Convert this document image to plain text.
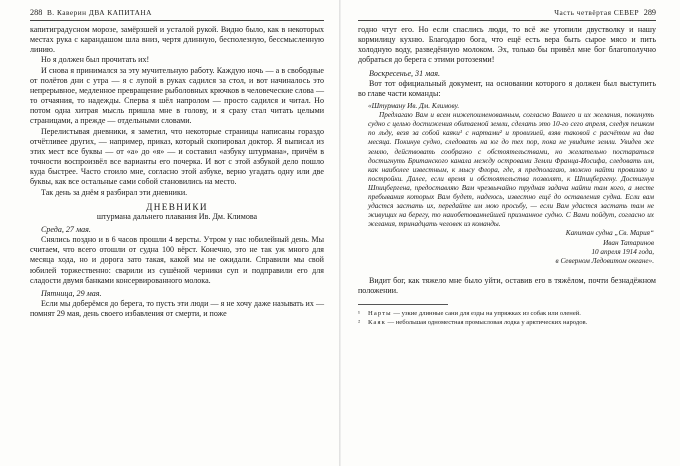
288 В. Каверин ДВА КАПИТАНА

капитиградусном морозе, замёрзшей и усталой рукой. Видно было, как в некоторых местах рука с карандашом шла вниз, чертя длинную, бесполезную, бессмысленную линию.

Но я должен был прочитать их!

И снова я принимался за эту мучительную работу. Каждую ночь — а в свободные от полётов дни с утра — я с лупой в руках садился за стол, и вот начиналось это непрерывное, медленное превращение рыболовных крючков в человеческие слова — то отчаяния, то надежды. Сперва я шёл напролом — просто садился и читал. Но потом одна хитрая мысль пришла мне в голову, и я сразу стал читать целыми страницами, а прежде — отдельными словами.

Перелистывая дневники, я заметил, что некоторые страницы написаны гораздо отчётливее других, — например, приказ, который скопировал доктор. Я выписал из этих мест все буквы — от «а» до «я» — и составил «азбуку штурмана», причём в точности воспроизвёл все варианты его почерка. И вот с этой азбукой дело пошло куда быстрее. Часто стоило мне, согласно этой азбуке, верно угадать одну или две буквы, как все остальные сами собой становились на место.

Так день за днём я разбирал эти дневники.

ДНЕВНИКИ

штурмана дальнего плавания Ив. Дм. Климова

Среда, 27 мая.

Снялись поздно и в 6 часов прошли 4 версты. Утром у нас юбилейный день. Мы считаем, что всего отошли от судна 100 вёрст. Конечно, это не так уж много для месяца хода, но и дорога зато такая, какой мы не ожидали. Справили мы свой юбилей торжественно: сварили из сушёной черники суп и подправили его для сладости двумя банками консервированного молока.

Пятница, 29 мая.

Если мы доберёмся до берега, то пусть эти люди — я не хочу даже называть их — помнят 29 мая, день своего избавления от смерти, и поже

Часть четвёртая СЕВЕР 289

годно чтут его. Но если спаслись люди, то всё же утопили двустволку и нашу кормилицу кухню. Благодарю бога, что ещё есть вера быть сырое мясо и пить холодную воду, разведённую молоком. Эх, только бы привёл мне бог благополучно добраться до берега с этими ротозеями!

Воскресенье, 31 мая.

Вот тот официальный документ, на основании которого я должен был выступить во главе части команды:

«Штурману Ив. Дм. Климову.

Предлагаю Вам и всем нижепоименованным, согласно Вашего и их желания, покинуть судно с целью достижения обитаемой земли, сделать это 10-го сего апреля, следуя пешком по льду, везя за собой каяки¹ с нартами² и провизией, взяв таковой с расчётом на два месяца. Покинув судно, следовать на юг до тех пор, пока не увидите земли. Увидев же землю, действовать сообразно с обстоятельствами, но желательно постараться достигнуть Британского канала между островами Земли Франца-Иосифа, следовать им, как наиболее известным, к мысу Флора, где, я предполагаю, можно найти провизию и постройки. Далее, если время и обстоятельства позволят, к Шпицбергену. Достигнув Шпицбергена, предоставляю Вам чрезвычайно трудная задача найти там кого, а месте пребывания которых Вам будет, надеюсь, известно ещё до оставления судна. Если вам удастся застать их, передайте им мою просьбу, — если Вам удастся застать там не живущих на берегу, то наиобетованнейшей признанное судно. С Вами пойдут, согласно их желания, тринадцать человек из команды.

Капитан судна „Св. Мария“

Иван Татаринов

10 апреля 1914 года,

в Северном Ледовитом океане».

Видит бог, как тяжело мне было уйти, оставив его в тяжёлом, почти безнадёжном положении.

¹ Нарты — узкие длинные сани для езды на упряжках из собак или оленей.

² Каяк — небольшая одноместная промысловая лодка у арктических народов.
